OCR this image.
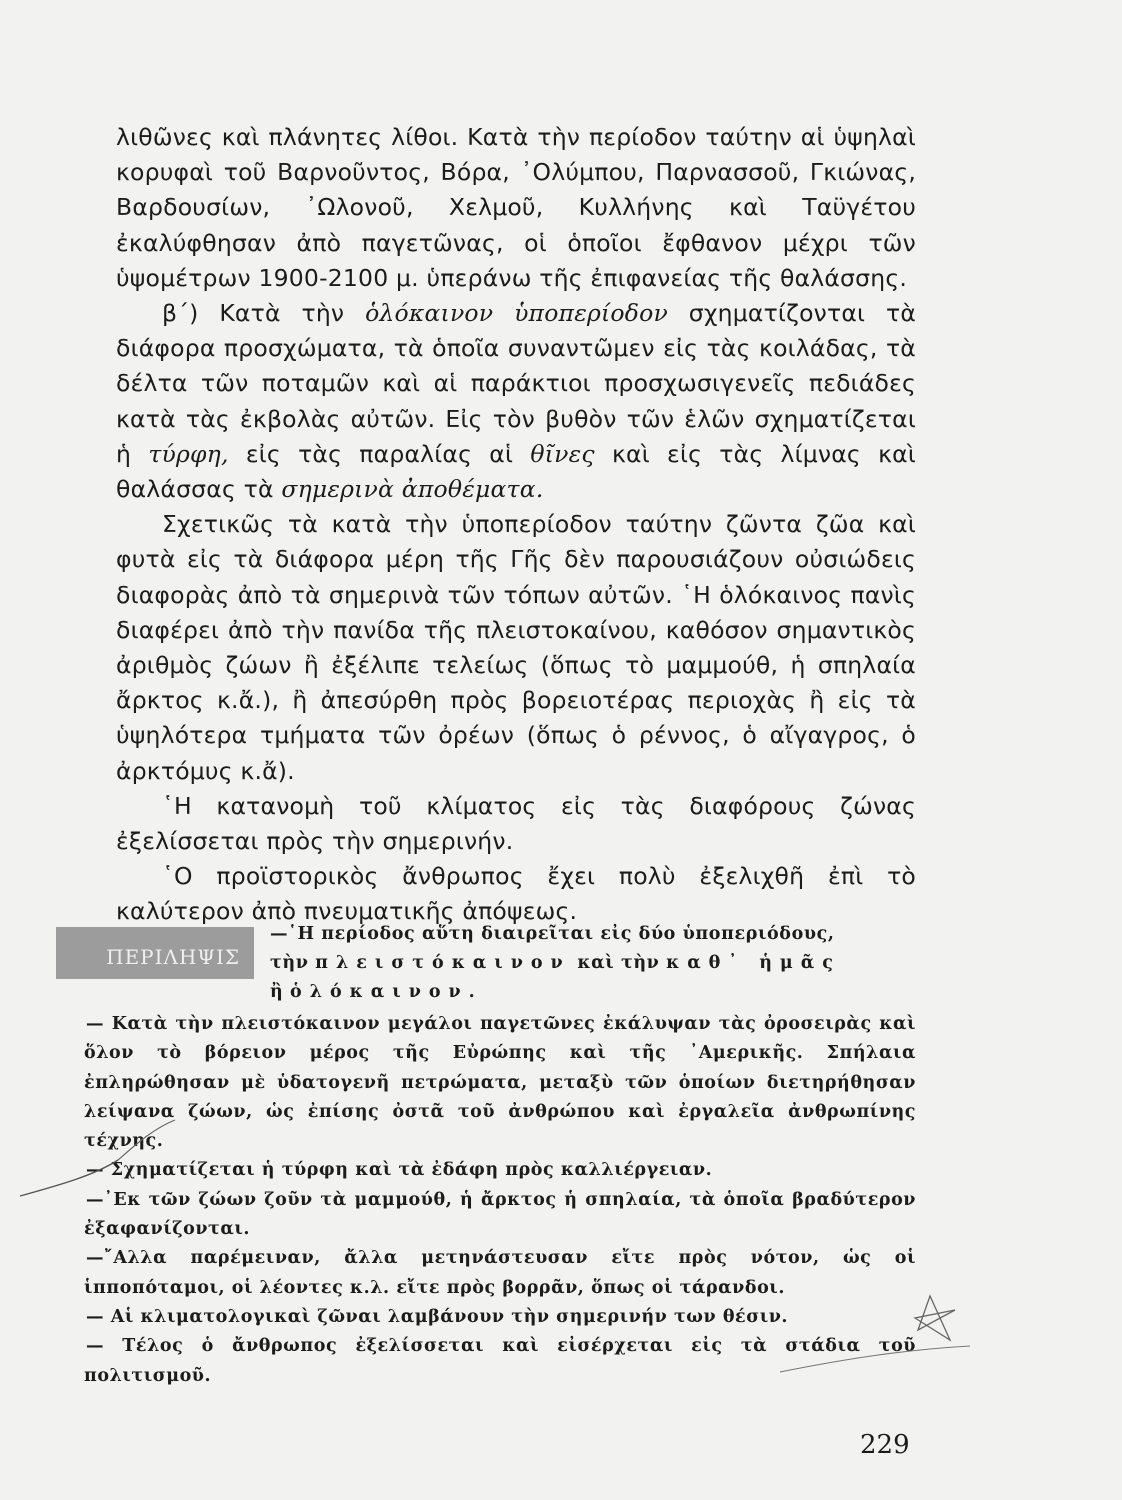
λιθῶνες καὶ πλάνητες λίθοι. Κατὰ τὴν περίοδον ταύτην αἱ ὑψηλαὶ κορυφαὶ τοῦ Βαρνοῦντος, Βόρα, ᾿Ολύμπου, Παρνασσοῦ, Γκιώνας, Βαρδουσίων, ᾿Ωλονοῦ, Χελμοῦ, Κυλλήνης καὶ Ταϋγέτου ἐκαλύφθησαν ἀπὸ παγετῶνας, οἱ ὁποῖοι ἔφθανον μέχρι τῶν ὑψομέτρων 1900-2100 μ. ὑπεράνω τῆς ἐπιφανείας τῆς θαλάσσης.

β΄) Κατὰ τὴν ὁλόκαινον ὑποπερίοδον σχηματίζονται τὰ διάφορα προσχώματα, τὰ ὁποῖα συναντῶμεν εἰς τὰς κοιλάδας, τὰ δέλτα τῶν ποταμῶν καὶ αἱ παράκτιοι προσχωσιγενεῖς πεδιάδες κατὰ τὰς ἐκβολὰς αὐτῶν. Εἰς τὸν βυθὸν τῶν ἑλῶν σχηματίζεται ἡ τύρφη, εἰς τὰς παραλίας αἱ θῖνες καὶ εἰς τὰς λίμνας καὶ θαλάσσας τὰ σημερινὰ ἀποθέματα.

Σχετικῶς τὰ κατὰ τὴν ὑποπερίοδον ταύτην ζῶντα ζῶα καὶ φυτὰ εἰς τὰ διάφορα μέρη τῆς Γῆς δὲν παρουσιάζουν οὐσιώδεις διαφορὰς ἀπὸ τὰ σημερινὰ τῶν τόπων αὐτῶν. ῾Η ὁλόκαινος πανὶς διαφέρει ἀπὸ τὴν πανίδα τῆς πλειστοκαίνου, καθόσον σημαντικὸς ἀριθμὸς ζώων ἢ ἐξέλιπε τελείως (ὅπως τὸ μαμμούθ, ἡ σπηλαία ἄρκτος κ.ἄ.), ἢ ἀπεσύρθη πρὸς βορειοτέρας περιοχὰς ἢ εἰς τὰ ὑψηλότερα τμήματα τῶν ὀρέων (ὅπως ὁ ρέννος, ὁ αἴγαγρος, ὁ ἀρκτόμυς κ.ἄ).

῾Η κατανομὴ τοῦ κλίματος εἰς τὰς διαφόρους ζώνας ἐξελίσσεται πρὸς τὴν σημερινήν.

῾Ο προϊστορικὸς ἄνθρωπος ἔχει πολὺ ἐξελιχθῆ ἐπὶ τὸ καλύτερον ἀπὸ πνευματικῆς ἀπόψεως.

ΠΕΡΙΛΗΨΙΣ

—῾Η περίοδος αὕτη διαιρεῖται εἰς δύο ὑποπεριόδους,

τὴν πλειστόκαινον καὶ τὴν καθ᾿ ἡμᾶς

ἢ ὁλόκαινον.

— Κατὰ τὴν πλειστόκαινον μεγάλοι παγετῶνες ἐκάλυψαν τὰς ὀροσειρὰς καὶ ὅλον τὸ βόρειον μέρος τῆς Εὐρώπης καὶ τῆς ᾿Αμερικῆς. Σπήλαια ἐπληρώθησαν μὲ ὑδατογενῆ πετρώματα, μεταξὺ τῶν ὁποίων διετηρήθησαν λείψανα ζώων, ὡς ἐπίσης ὀστᾶ τοῦ ἀνθρώπου καὶ ἐργαλεῖα ἀνθρωπίνης τέχνης.

— Σχηματίζεται ἡ τύρφη καὶ τὰ ἐδάφη πρὸς καλλιέργειαν.

—᾿Εκ τῶν ζώων ζοῦν τὰ μαμμούθ, ἡ ἄρκτος ἡ σπηλαία, τὰ ὁποῖα βραδύτερον ἐξαφανίζονται.

—῎Αλλα παρέμειναν, ἄλλα μετηνάστευσαν εἴτε πρὸς νότον, ὡς οἱ ἱπποπόταμοι, οἱ λέοντες κ.λ. εἴτε πρὸς βορρᾶν, ὅπως οἱ τάρανδοι.

— Αἱ κλιματολογικαὶ ζῶναι λαμβάνουν τὴν σημερινήν των θέσιν.

— Τέλος ὁ ἄνθρωπος ἐξελίσσεται καὶ εἰσέρχεται εἰς τὰ στάδια τοῦ πολιτισμοῦ.

229
